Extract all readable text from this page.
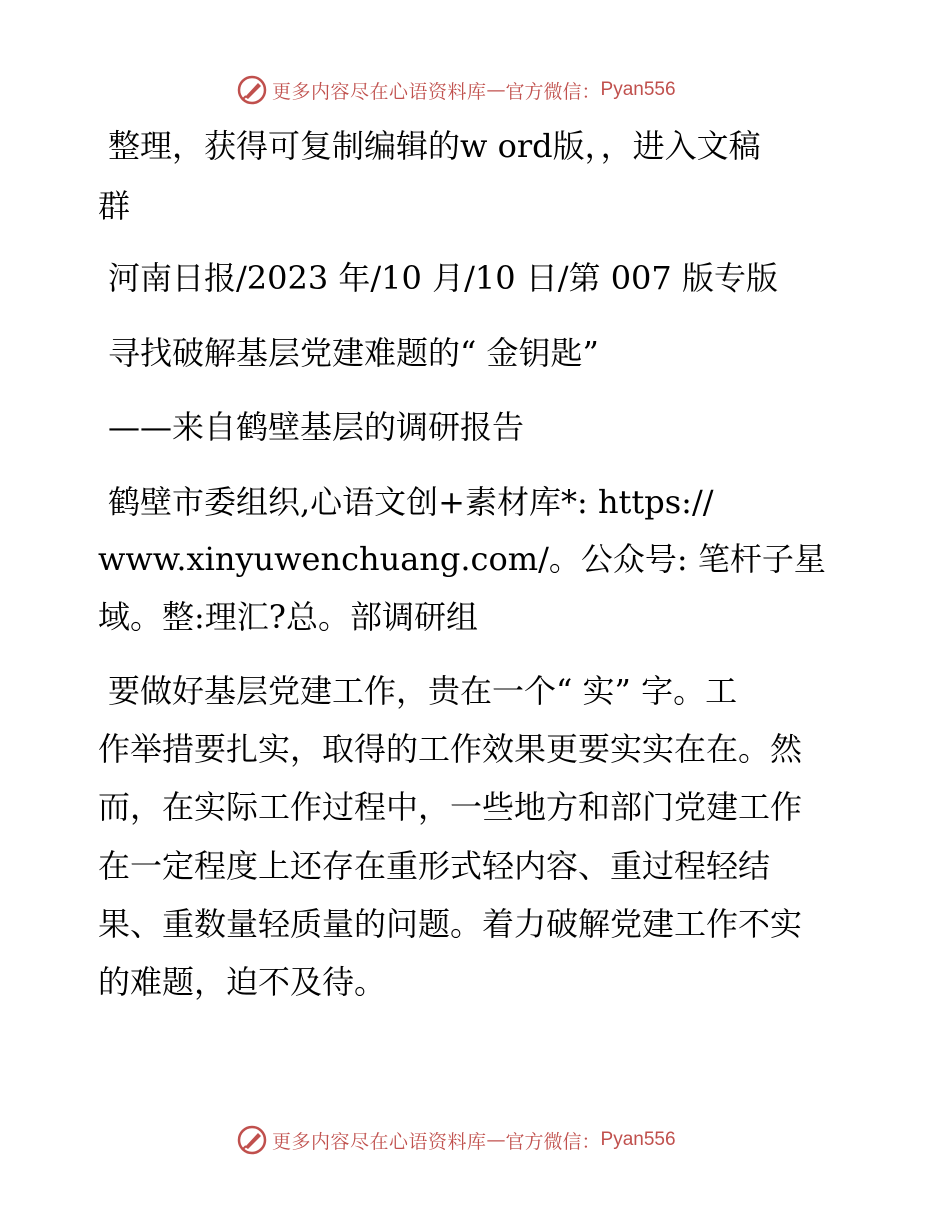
更多内容尽在心语资料库 — 官方微信： Pyan556
整理，获得可复制编辑的w ord版，，进入文稿
群
河南日报/2023 年/10 月/10 日/第 007 版专版
寻找破解基层党建难题的“ 金钥匙”
——来自鹤壁基层的调研报告
鹤壁市委组织,心语文创+素材库*: https://
www.xinyuwenchuang.com/。公众号: 笔杆子星
域。整:理汇?总。部调研组
要做好基层党建工作，贵在一个“ 实” 字。工
作举措要扎实，取得的工作效果更要实实在在。然
而，在实际工作过程中，一些地方和部门党建工作
在一定程度上还存在重形式轻内容、重过程轻结
果、重数量轻质量的问题。着力破解党建工作不实
的难题，迫不及待。
更多内容尽在心语资料库 — 官方微信： Pyan556
